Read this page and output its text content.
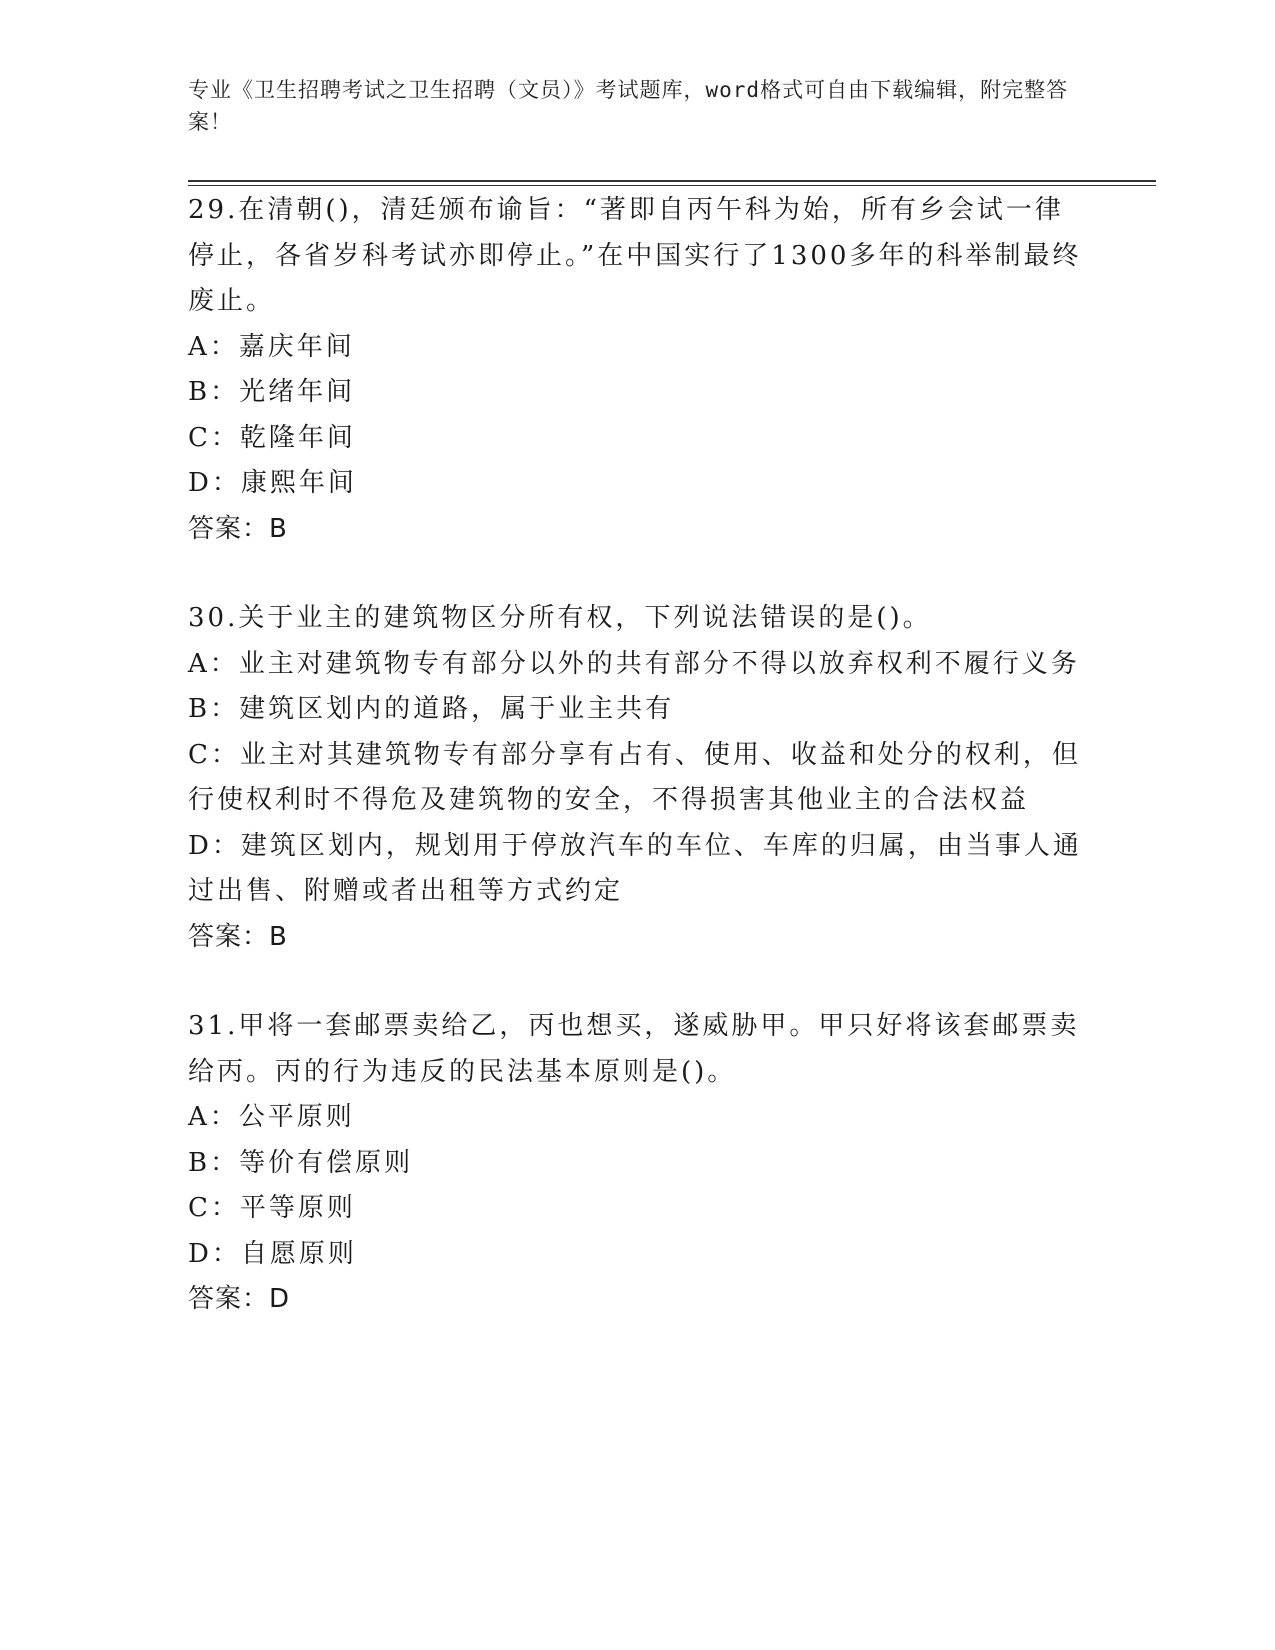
专业《卫生招聘考试之卫生招聘（文员）》考试题库，word格式可自由下载编辑，附完整答案！

29.在清朝()，清廷颁布谕旨：“著即自丙午科为始，所有乡会试一律停止，各省岁科考试亦即停止。”在中国实行了1300多年的科举制最终废止。

A：嘉庆年间

B：光绪年间

C：乾隆年间

D：康熙年间

答案：B

30.关于业主的建筑物区分所有权，下列说法错误的是()。

A：业主对建筑物专有部分以外的共有部分不得以放弃权利不履行义务

B：建筑区划内的道路，属于业主共有

C：业主对其建筑物专有部分享有占有、使用、收益和处分的权利，但行使权利时不得危及建筑物的安全，不得损害其他业主的合法权益

D：建筑区划内，规划用于停放汽车的车位、车库的归属，由当事人通过出售、附赠或者出租等方式约定

答案：B

31.甲将一套邮票卖给乙，丙也想买，遂威胁甲。甲只好将该套邮票卖给丙。丙的行为违反的民法基本原则是()。

A：公平原则

B：等价有偿原则

C：平等原则

D：自愿原则

答案：D
